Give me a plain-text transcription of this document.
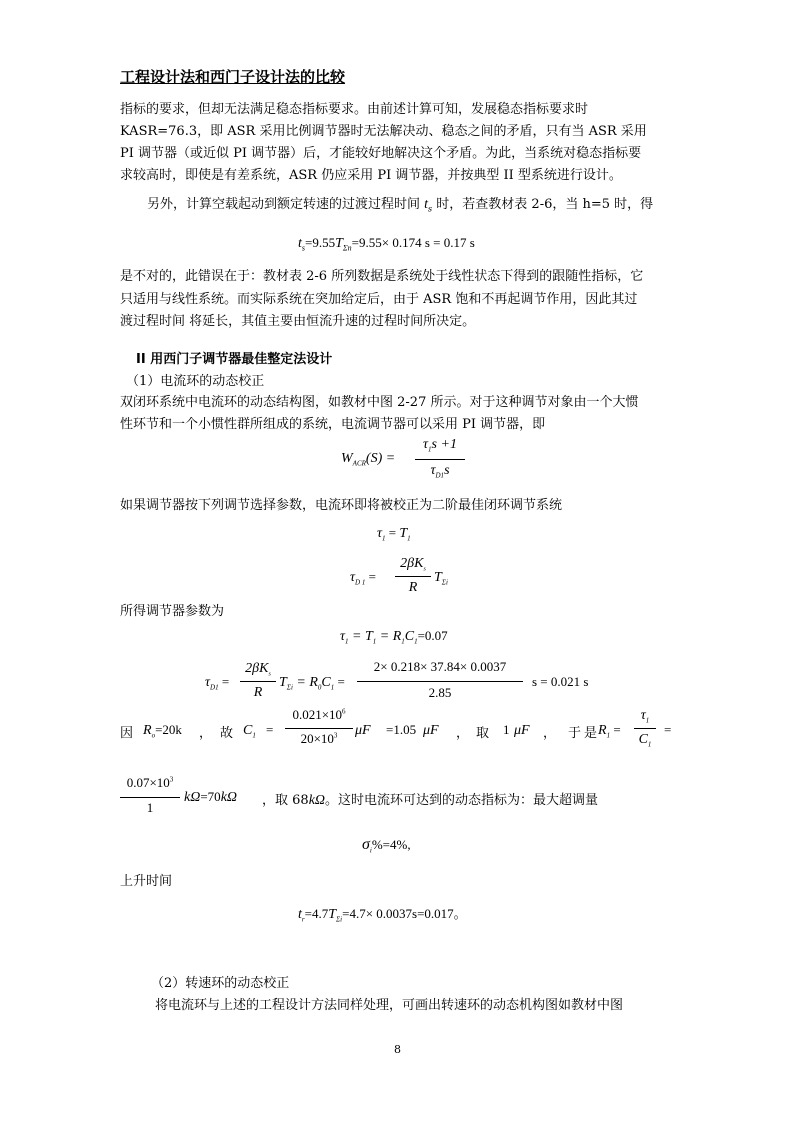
工程设计法和西门子设计法的比较
指标的要求，但却无法满足稳态指标要求。由前述计算可知，发展稳态指标要求时
KASR=76.3，即 ASR 采用比例调节器时无法解决动、稳态之间的矛盾，只有当 ASR 采用
PI 调节器（或近似 PI 调节器）后，才能较好地解决这个矛盾。为此，当系统对稳态指标要
求较高时，即使是有差系统，ASR 仍应采用 PI 调节器，并按典型 II 型系统进行设计。
另外，计算空载起动到额定转速的过渡过程时间 $t_s$ 时，若查教材表 2-6，当 h=5 时，得
$t_s=9.55T_{\Sigma n}=9.55\times 0.174$ s = 0.17 s
是不对的，此错误在于：教材表 2-6 所列数据是系统处于线性状态下得到的跟随性指标，它
只适用与线性系统。而实际系统在突加给定后，由于 ASR 饱和不再起调节作用，因此其过
渡过程时间 将延长，其值主要由恒流升速的过程时间所决定。
II 用西门子调节器最佳整定法设计
（1）电流环的动态校正
双闭环系统中电流环的动态结构图，如教材中图 2-27 所示。对于这种调节对象由一个大惯
性环节和一个小惯性群所组成的系统，电流调节器可以采用 PI 调节器，即
$W_{ACR}(S)$ =
$\tau_1s +1$
$\tau_{D1}s$
如果调节器按下列调节选择参数，电流环即将被校正为二阶最佳闭环调节系统
$\tau_1 = T_1$
$\tau_{D 1}$ =
$2\beta K_s$
R
$T_{\Sigma i}$
所得调节器参数为
$\tau_1 = T_1 = R_1C_1=0.07$
$\tau_{D1}$ =
$2\beta K_s$
R
$T_{\Sigma i} = R_0C_1$ =
2× 0.218× 37.84× 0.0037
2.85
s = 0.021 s
因 $R_o=20k$ ， 故 $C_1$ =
$0.021\times 10^6$
$20\times 10^3$	μF =1.05 μF ， 取 1 μF ， 于是
$R_1$ =
$\tau_1$
$C_1$
=
$0.07\times 10^3$
1
kΩ=70kΩ ，取 68kΩ。这时电流环可达到的动态指标为：最大超调量
$\sigma_i\%=4\%$,
上升时间
$t_r=4.7T_{\Sigma i}=4.7\times 0.0037s=0.017$。
（2）转速环的动态校正
将电流环与上述的工程设计方法同样处理，可画出转速环的动态机构图如教材中图
8
